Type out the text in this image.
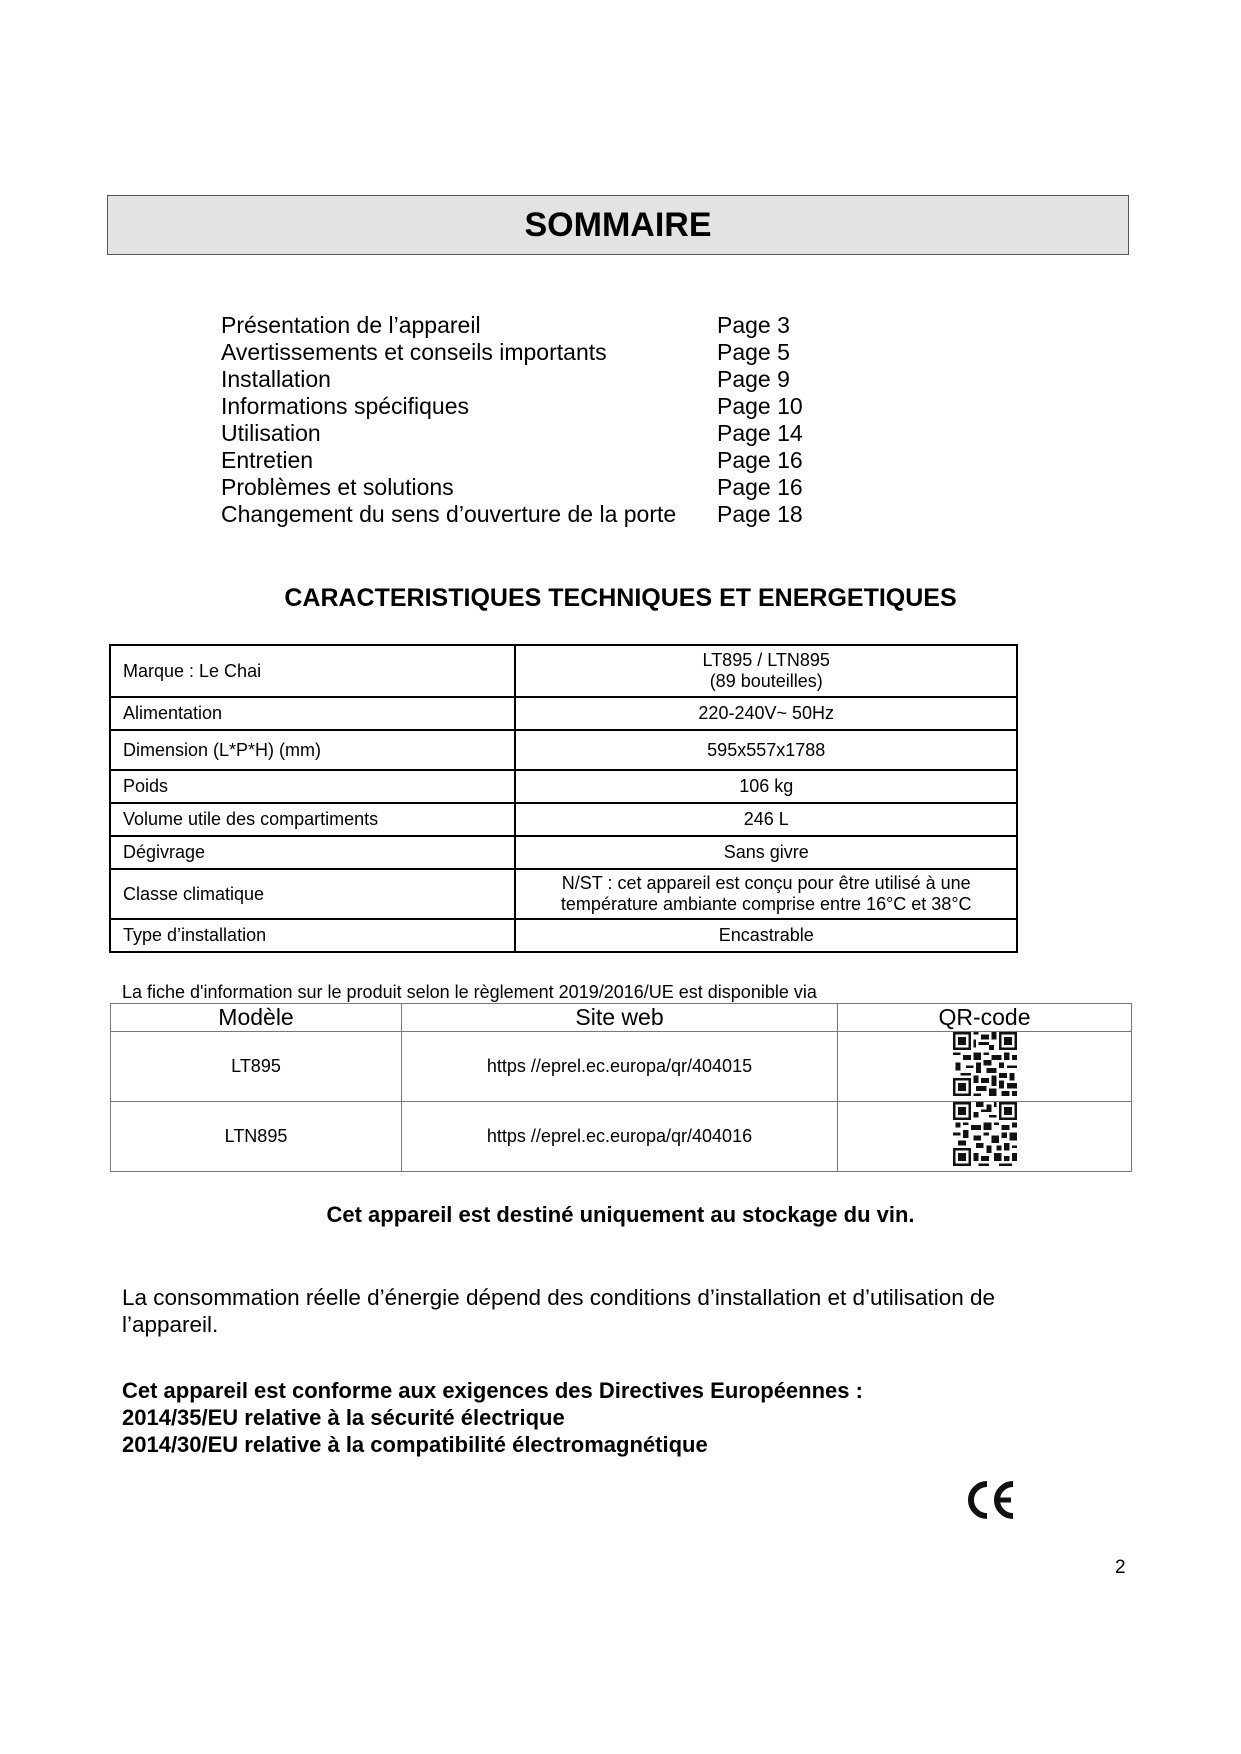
SOMMAIRE
Présentation de l’appareil	Page 3
Avertissements et conseils importants	Page 5
Installation	Page 9
Informations spécifiques	Page 10
Utilisation	Page 14
Entretien	Page 16
Problèmes et solutions	Page 16
Changement du sens d’ouverture de la porte Page 18
CARACTERISTIQUES TECHNIQUES ET ENERGETIQUES
Marque : Le Chai	LT895 / LTN895
(89 bouteilles)

Alimentation	220-240V~ 50Hz
Dimension (L*P*H) (mm)	595x557x1788
Poids	106 kg
Volume utile des compartiments	246 L
Dégivrage	Sans givre
Classe climatique	N/ST : cet appareil est conçu pour être utilisé à une
température ambiante comprise entre 16°C et 38°C

Type d’installation	Encastrable
La fiche d'information sur le produit selon le règlement 2019/2016/UE est disponible via
Modèle	Site web	QR-code
LT895	https //eprel.ec.europa/qr/404015	
LTN895	https //eprel.ec.europa/qr/404016	
Cet appareil est destiné uniquement au stockage du vin.
La consommation réelle d’énergie dépend des conditions d’installation et d’utilisation de l’appareil.
Cet appareil est conforme aux exigences des Directives Européennes :
2014/35/EU relative à la sécurité électrique
2014/30/EU relative à la compatibilité électromagnétique
2
